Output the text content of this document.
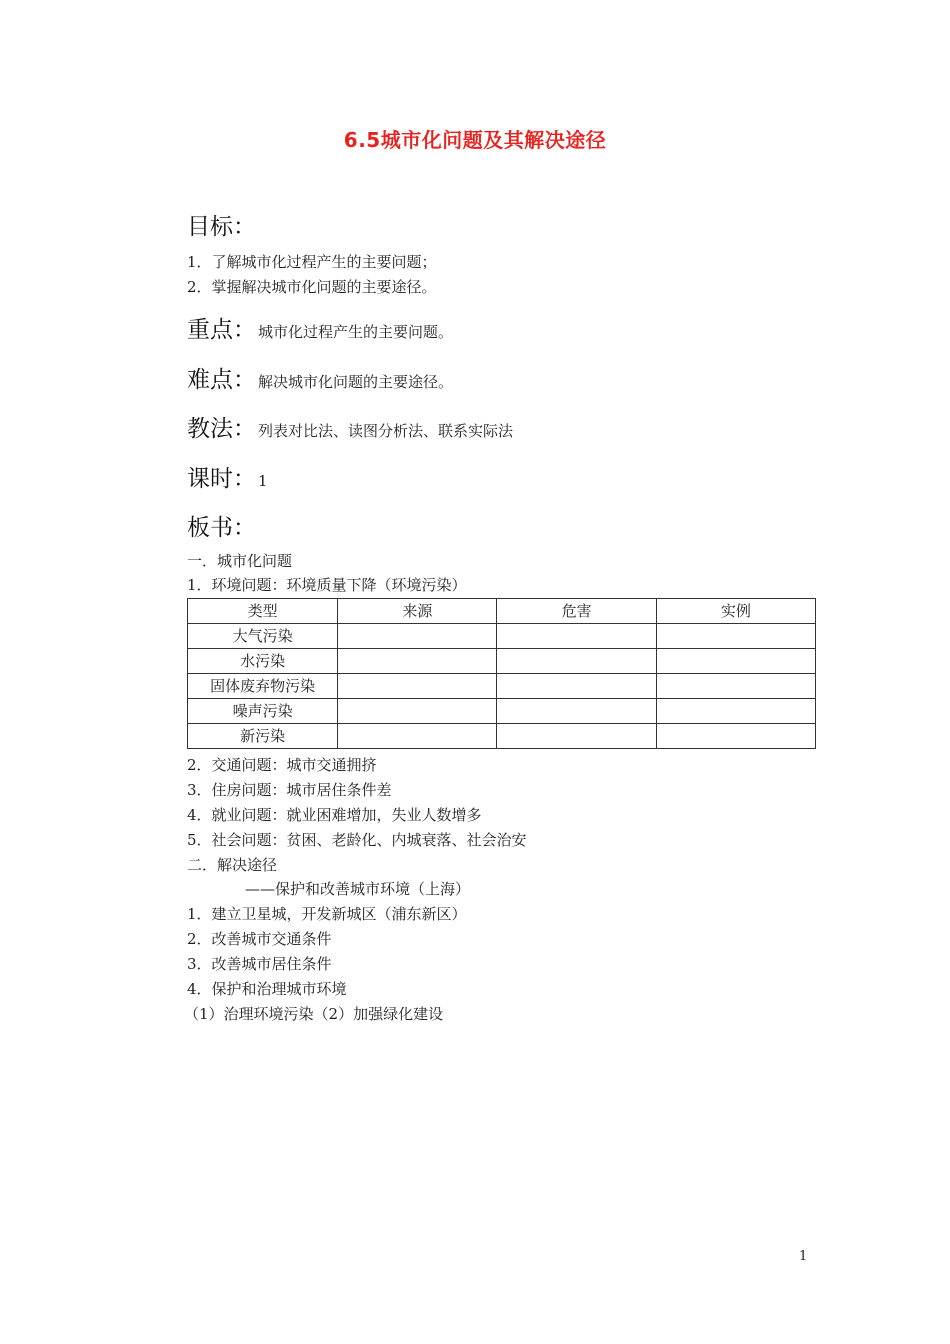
6.5城市化问题及其解决途径
目标：
1．了解城市化过程产生的主要问题；
2．掌握解决城市化问题的主要途径。
重点： 城市化过程产生的主要问题。
难点： 解决城市化问题的主要途径。
教法： 列表对比法、读图分析法、联系实际法
课时： 1
板书：
一．城市化问题
1．环境问题：环境质量下降（环境污染）
类型	来源	危害	实例
大气污染			
水污染			
固体废弃物污染			
噪声污染			
新污染			
2．交通问题：城市交通拥挤
3．住房问题：城市居住条件差
4．就业问题：就业困难增加，失业人数增多
5．社会问题：贫困、老龄化、内城衰落、社会治安
二．解决途径
——保护和改善城市环境（上海）
1．建立卫星城，开发新城区（浦东新区）
2．改善城市交通条件
3．改善城市居住条件
4．保护和治理城市环境
（1）治理环境污染（2）加强绿化建设
1
